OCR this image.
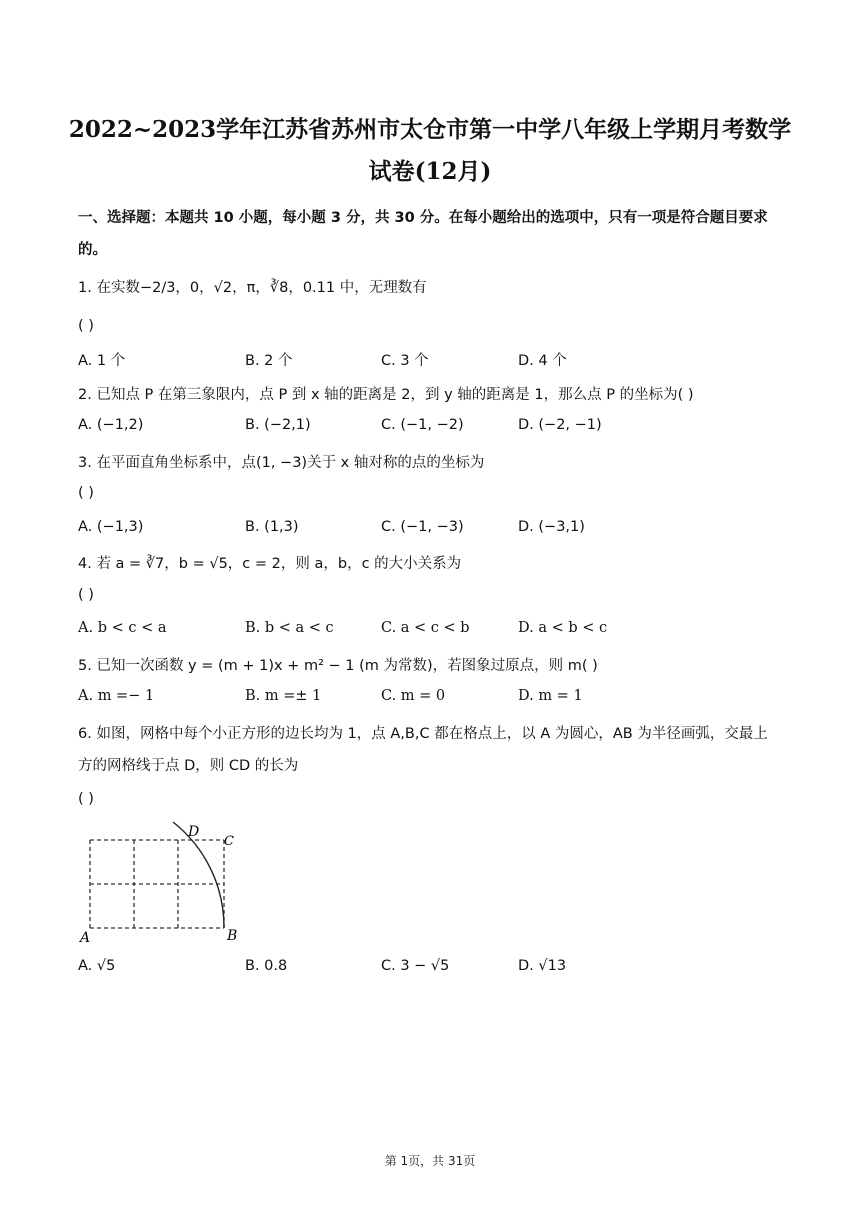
2022~2023学年江苏省苏州市太仓市第一中学八年级上学期月考数学
试卷(12月)
一、选择题：本题共 10 小题，每小题 3 分，共 30 分。在每小题给出的选项中，只有一项是符合题目要求
的。
1. 在实数−2/3，0，√2，π，∛8，0.11 中，无理数有
( )
A. 1 个	B. 2 个	C. 3 个	D. 4 个
2. 已知点 P 在第三象限内，点 P 到 x 轴的距离是 2，到 y 轴的距离是 1，那么点 P 的坐标为( )
A. (−1,2)	B. (−2,1)	C. (−1, −2)	D. (−2, −1)
3. 在平面直角坐标系中，点(1, −3)关于 x 轴对称的点的坐标为
( )
A. (−1,3)	B. (1,3)	C. (−1, −3)	D. (−3,1)
4. 若 a = ∛7，b = √5，c = 2，则 a，b，c 的大小关系为
( )
A. b < c < a	B. b < a < c	C. a < c < b	D. a < b < c
5. 已知一次函数 y = (m + 1)x + m² − 1 (m 为常数)，若图象过原点，则 m( )
A. m =− 1	B. m =± 1	C. m = 0	D. m = 1
6. 如图，网格中每个小正方形的边长均为 1，点 A,B,C 都在格点上，以 A 为圆心，AB 为半径画弧，交最上
方的网格线于点 D，则 CD 的长为
( )
D
C
A	B
A. √5	B. 0.8	C. 3 − √5	D. √13
第 1页，共 31页
